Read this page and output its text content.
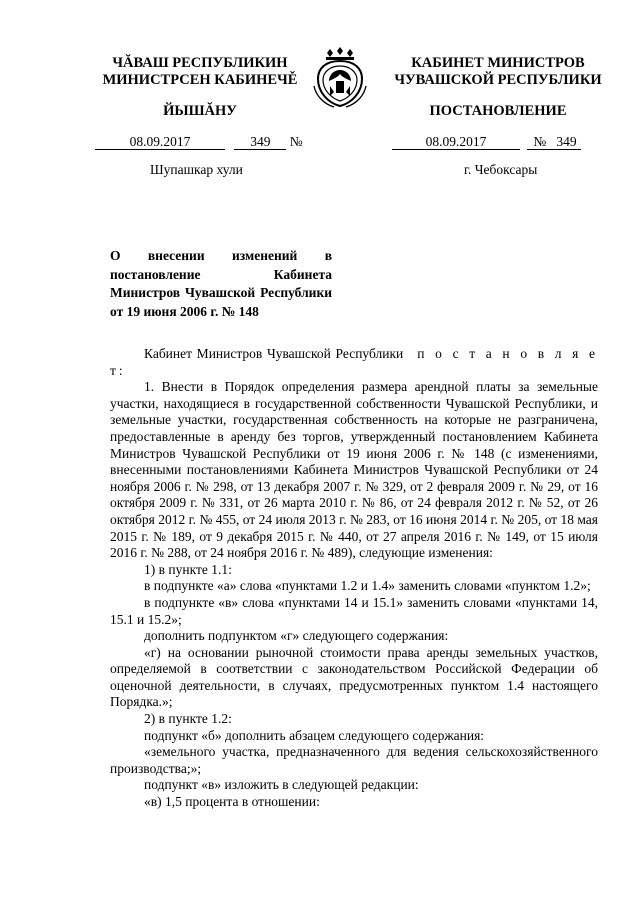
ЧĂВАШ РЕСПУБЛИКИН
МИНИСТРСЕН КАБИНЕЧĚ
ЙЫШĂНУ
КАБИНЕТ МИНИСТРОВ
ЧУВАШСКОЙ РЕСПУБЛИКИ
ПОСТАНОВЛЕНИЕ
08.09.2017	349 №	08.09.2017	№ 349
Шупашкар хули	г. Чебоксары
О внесении изменений в постановление Кабинета Министров Чувашской Республики от 19 июня 2006 г. № 148

Кабинет Министров Чувашской Республики п о с т а н о в л я е т:

1. Внести в Порядок определения размера арендной платы за земельные участки, находящиеся в государственной собственности Чувашской Республики, и земельные участки, государственная собственность на которые не разграничена, предоставленные в аренду без торгов, утвержденный постановлением Кабинета Министров Чувашской Республики от 19 июня 2006 г. № 148 (с изменениями, внесенными постановлениями Кабинета Министров Чувашской Республики от 24 ноября 2006 г. № 298, от 13 декабря 2007 г. № 329, от 2 февраля 2009 г. № 29, от 16 октября 2009 г. № 331, от 26 марта 2010 г. № 86, от 24 февраля 2012 г. № 52, от 26 октября 2012 г. № 455, от 24 июля 2013 г. № 283, от 16 июня 2014 г. № 205, от 18 мая 2015 г. № 189, от 9 декабря 2015 г. № 440, от 27 апреля 2016 г. № 149, от 15 июля 2016 г. № 288, от 24 ноября 2016 г. № 489), следующие изменения:

1) в пункте 1.1:

в подпункте «а» слова «пунктами 1.2 и 1.4» заменить словами «пунктом 1.2»;

в подпункте «в» слова «пунктами 14 и 15.1» заменить словами «пунктами 14, 15.1 и 15.2»;

дополнить подпунктом «г» следующего содержания:

«г) на основании рыночной стоимости права аренды земельных участков, определяемой в соответствии с законодательством Российской Федерации об оценочной деятельности, в случаях, предусмотренных пунктом 1.4 настоящего Порядка.»;

2) в пункте 1.2:

подпункт «б» дополнить абзацем следующего содержания:

«земельного участка, предназначенного для ведения сельскохозяйственного производства;»;

подпункт «в» изложить в следующей редакции:

«в) 1,5 процента в отношении:
